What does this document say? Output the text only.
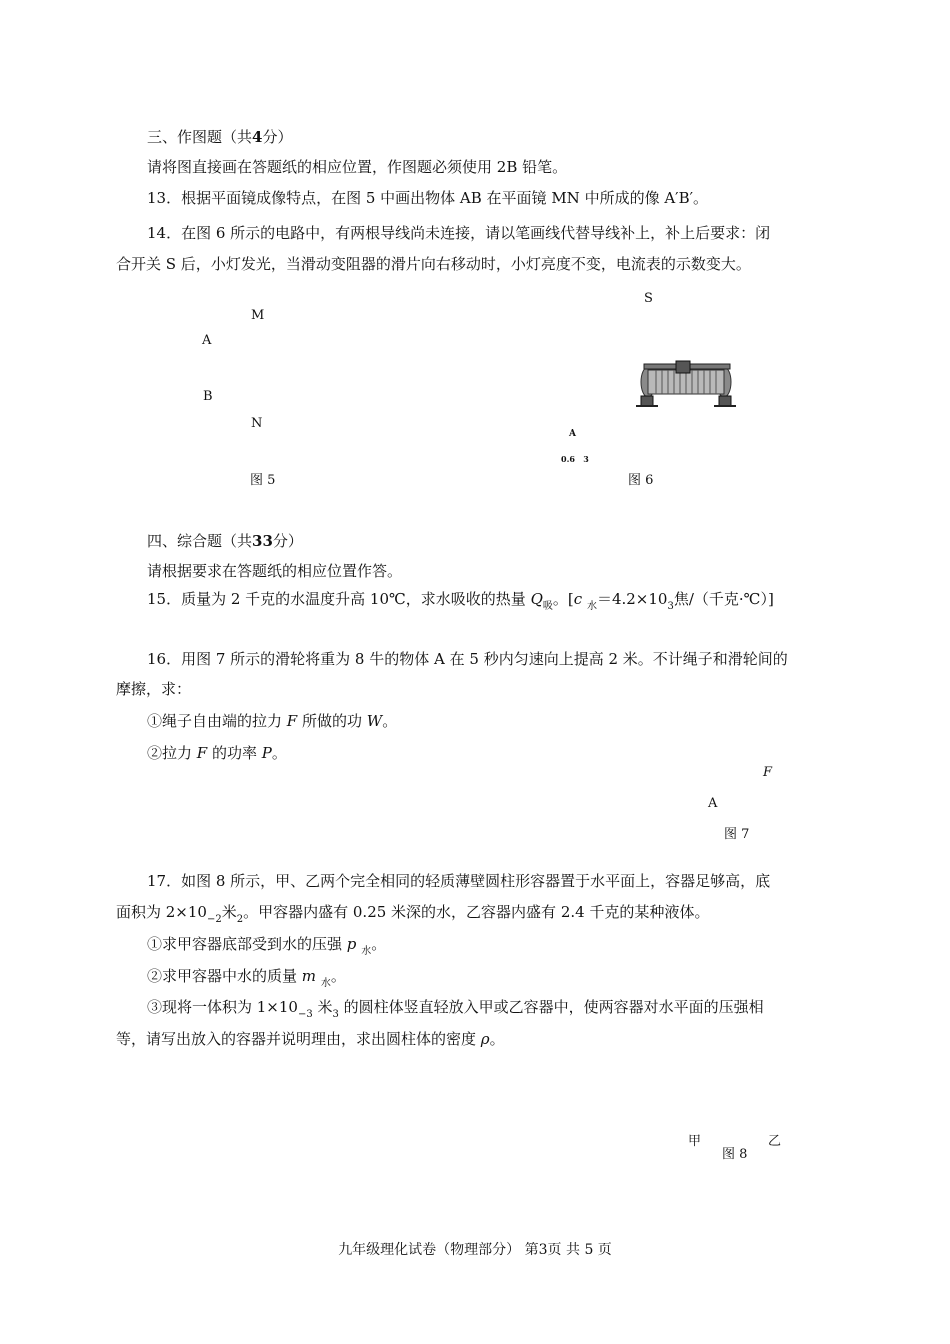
三、作图题（共4分）
请将图直接画在答题纸的相应位置，作图题必须使用 2B 铅笔。
13．根据平面镜成像特点，在图 5 中画出物体 AB 在平面镜 MN 中所成的像 A′B′。
14．在图 6 所示的电路中，有两根导线尚未连接，请以笔画线代替导线补上，补上后要求：闭
合开关 S 后，小灯发光，当滑动变阻器的滑片向右移动时，小灯亮度不变，电流表的示数变大。
M
A
B
N
图 5
S
A
0.6   3
图 6
四、综合题（共33分）
请根据要求在答题纸的相应位置作答。
15．质量为 2 千克的水温度升高 10℃，求水吸收的热量 $Q_吸$。[c $_水=4.2\times 10_3$焦/（千克·℃）]
16．用图 7 所示的滑轮将重为 8 牛的物体 A 在 5 秒内匀速向上提高 2 米。不计绳子和滑轮间的
摩擦，求：
①绳子自由端的拉力 F 所做的功 W。
②拉力 F 的功率 P。
F
A
图 7
17．如图 8 所示，甲、乙两个完全相同的轻质薄壁圆柱形容器置于水平面上，容器足够高，底
面积为 $2\times 10_{-2}$米$_2$。甲容器内盛有 0.25 米深的水，乙容器内盛有 2.4 千克的某种液体。
①求甲容器底部受到水的压强 p $_水$。
②求甲容器中水的质量 m $_水$。
③现将一体积为 $1\times 10_{-3}$ 米$_3$ 的圆柱体竖直轻放入甲或乙容器中，使两容器对水平面的压强相
等，请写出放入的容器并说明理由，求出圆柱体的密度 ρ。
甲	乙
图 8
九年级理化试卷（物理部分） 第3页 共 5 页
